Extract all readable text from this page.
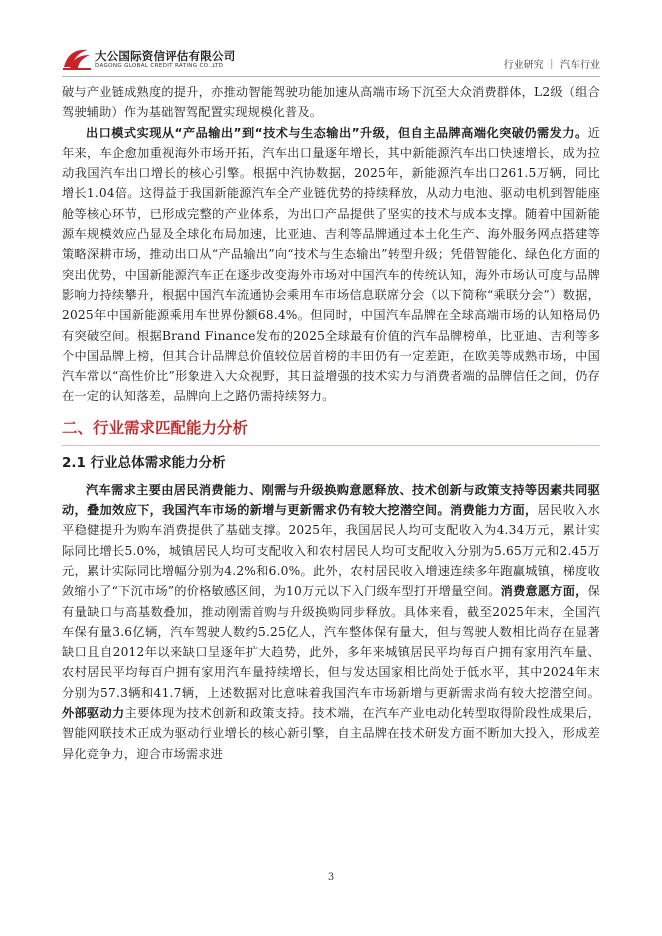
大公国际资信评估有限公司
DAGONG GLOBAL CREDIT RATING CO.,LTD	行业研究 ｜ 汽车行业

破与产业链成熟度的提升，亦推动智能驾驶功能加速从高端市场下沉至大众消费群体，L2级（组合驾驶辅助）作为基础智驾配置实现规模化普及。

出口模式实现从“产品输出”到“技术与生态输出”升级，但自主品牌高端化突破仍需发力。近年来，车企愈加重视海外市场开拓，汽车出口量逐年增长，其中新能源汽车出口快速增长，成为拉动我国汽车出口增长的核心引擎。根据中汽协数据，2025年，新能源汽车出口261.5万辆，同比增长1.04倍。这得益于我国新能源汽车全产业链优势的持续释放，从动力电池、驱动电机到智能座舱等核心环节，已形成完整的产业体系，为出口产品提供了坚实的技术与成本支撑。随着中国新能源车规模效应凸显及全球化布局加速，比亚迪、吉利等品牌通过本土化生产、海外服务网点搭建等策略深耕市场，推动出口从“产品输出”向“技术与生态输出”转型升级；凭借智能化、绿色化方面的突出优势，中国新能源汽车正在逐步改变海外市场对中国汽车的传统认知，海外市场认可度与品牌影响力持续攀升，根据中国汽车流通协会乘用车市场信息联席分会（以下简称“乘联分会”）数据，2025年中国新能源乘用车世界份额68.4%。但同时，中国汽车品牌在全球高端市场的认知格局仍有突破空间。根据Brand Finance发布的2025全球最有价值的汽车品牌榜单，比亚迪、吉利等多个中国品牌上榜，但其合计品牌总价值较位居首榜的丰田仍有一定差距，在欧美等成熟市场，中国汽车常以“高性价比”形象进入大众视野，其日益增强的技术实力与消费者端的品牌信任之间，仍存在一定的认知落差，品牌向上之路仍需持续努力。

二、行业需求匹配能力分析
2.1 行业总体需求能力分析

汽车需求主要由居民消费能力、刚需与升级换购意愿释放、技术创新与政策支持等因素共同驱动，叠加效应下，我国汽车市场的新增与更新需求仍有较大挖潜空间。消费能力方面，居民收入水平稳健提升为购车消费提供了基础支撑。2025年，我国居民人均可支配收入为4.34万元，累计实际同比增长5.0%，城镇居民人均可支配收入和农村居民人均可支配收入分别为5.65万元和2.45万元，累计实际同比增幅分别为4.2%和6.0%。此外，农村居民收入增速连续多年跑赢城镇，梯度收敛缩小了“下沉市场”的价格敏感区间，为10万元以下入门级车型打开增量空间。消费意愿方面，保有量缺口与高基数叠加，推动刚需首购与升级换购同步释放。具体来看，截至2025年末，全国汽车保有量3.6亿辆，汽车驾驶人数约5.25亿人，汽车整体保有量大，但与驾驶人数相比尚存在显著缺口且自2012年以来缺口呈逐年扩大趋势，此外，多年来城镇居民平均每百户拥有家用汽车量、农村居民平均每百户拥有家用汽车量持续增长，但与发达国家相比尚处于低水平，其中2024年末分别为57.3辆和41.7辆，上述数据对比意味着我国汽车市场新增与更新需求尚有较大挖潜空间。外部驱动力主要体现为技术创新和政策支持。技术端，在汽车产业电动化转型取得阶段性成果后，智能网联技术正成为驱动行业增长的核心新引擎，自主品牌在技术研发方面不断加大投入，形成差异化竞争力，迎合市场需求进

3
